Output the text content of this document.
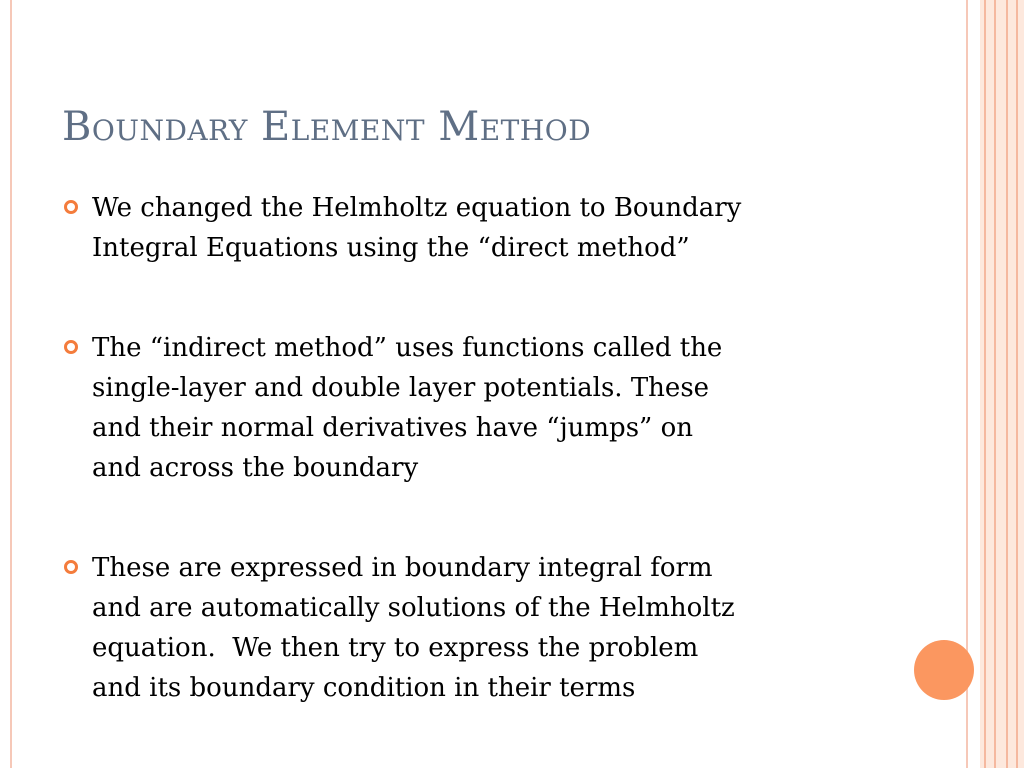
Boundary Element Method
We changed the Helmholtz equation to Boundary
Integral Equations using the “direct method”
The “indirect method” uses functions called the
single-layer and double layer potentials. These
and their normal derivatives have “jumps” on
and across the boundary
These are expressed in boundary integral form
and are automatically solutions of the Helmholtz
equation.  We then try to express the problem
and its boundary condition in their terms
